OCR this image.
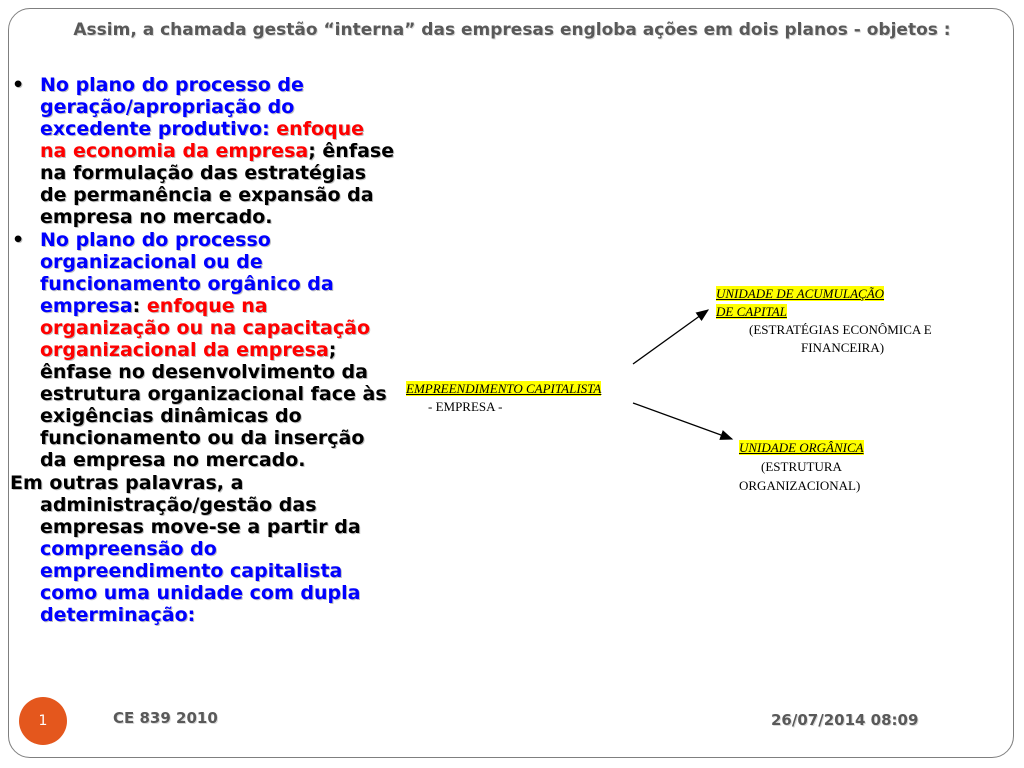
Assim, a chamada gestão “interna” das empresas engloba ações em dois planos - objetos :
• No plano do processo de geração/apropriação do excedente produtivo: enfoque na economia da empresa; ênfase na formulação das estratégias de permanência e expansão da empresa no mercado.
• No plano do processo organizacional ou de funcionamento orgânico da empresa: enfoque na organização ou na capacitação organizacional da empresa; ênfase no desenvolvimento da estrutura organizacional face às exigências dinâmicas do funcionamento ou da inserção da empresa no mercado.
Em outras palavras, a administração/gestão das empresas move-se a partir da compreensão do empreendimento capitalista como uma unidade com dupla determinação:
EMPREENDIMENTO CAPITALISTA
- EMPRESA -
UNIDADE DE ACUMULAÇÃO
DE CAPITAL
(ESTRATÉGIAS ECONÔMICA E
FINANCEIRA)
UNIDADE ORGÂNICA
(ESTRUTURA
ORGANIZACIONAL)
1	CE 839 2010	26/07/2014 08:09
